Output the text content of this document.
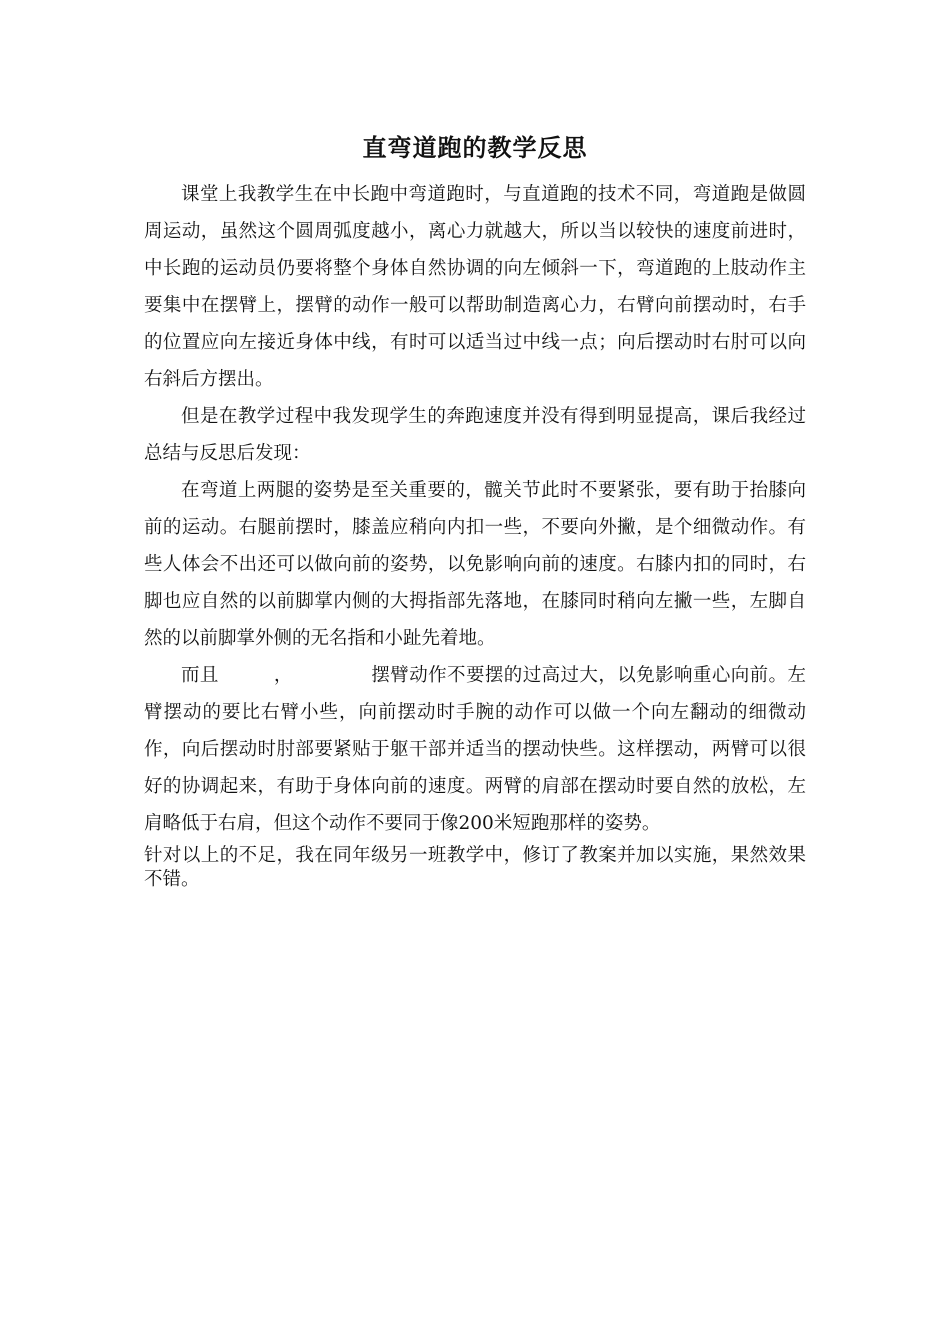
直弯道跑的教学反思

课堂上我教学生在中长跑中弯道跑时，与直道跑的技术不同，弯道跑是做圆周运动，虽然这个圆周弧度越小，离心力就越大，所以当以较快的速度前进时，中长跑的运动员仍要将整个身体自然协调的向左倾斜一下，弯道跑的上肢动作主要集中在摆臂上，摆臂的动作一般可以帮助制造离心力，右臂向前摆动时，右手的位置应向左接近身体中线，有时可以适当过中线一点；向后摆动时右肘可以向右斜后方摆出。

但是在教学过程中我发现学生的奔跑速度并没有得到明显提高，课后我经过总结与反思后发现：

在弯道上两腿的姿势是至关重要的，髋关节此时不要紧张，要有助于抬膝向前的运动。右腿前摆时，膝盖应稍向内扣一些，不要向外撇，是个细微动作。有些人体会不出还可以做向前的姿势，以免影响向前的速度。右膝内扣的同时，右脚也应自然的以前脚掌内侧的大拇指部先落地，在膝同时稍向左撇一些，左脚自然的以前脚掌外侧的无名指和小趾先着地。

而且	，	摆臂动作不要摆的过高过大，以免影响重心向前。左臂摆动的要比右臂小些，向前摆动时手腕的动作可以做一个向左翻动的细微动作，向后摆动时肘部要紧贴于躯干部并适当的摆动快些。这样摆动，两臂可以很好的协调起来，有助于身体向前的速度。两臂的肩部在摆动时要自然的放松，左肩略低于右肩，但这个动作不要同于像200米短跑那样的姿势。

针对以上的不足，我在同年级另一班教学中，修订了教案并加以实施，果然效果不错。
